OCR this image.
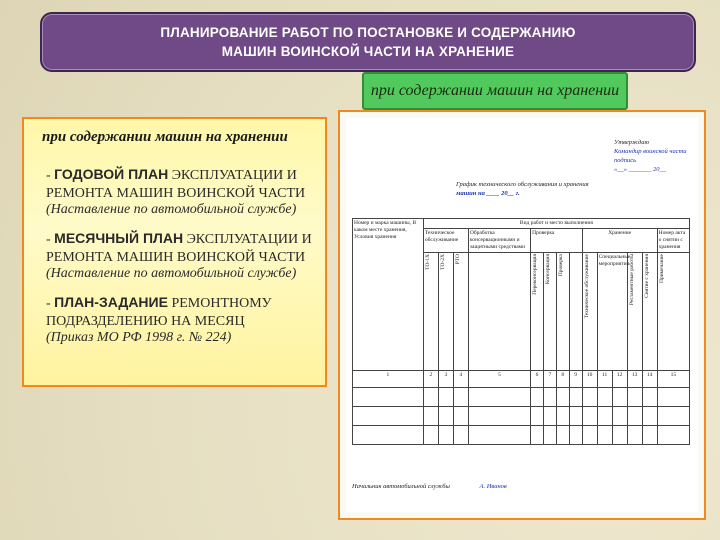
ПЛАНИРОВАНИЕ РАБОТ ПО ПОСТАНОВКЕ И СОДЕРЖАНИЮ
МАШИН ВОИНСКОЙ ЧАСТИ НА ХРАНЕНИЕ
при содержании машин на хранении
при содержании машин на хранении
- ГОДОВОЙ ПЛАН ЭКСПЛУАТАЦИИ И РЕМОНТА МАШИН ВОИНСКОЙ ЧАСТИ
(Наставление по автомобильной службе)
- МЕСЯЧНЫЙ ПЛАН ЭКСПЛУАТАЦИИ И РЕМОНТА МАШИН ВОИНСКОЙ ЧАСТИ
(Наставление по автомобильной службе)
- ПЛАН-ЗАДАНИЕ РЕМОНТНОМУ ПОДРАЗДЕЛЕНИЮ НА МЕСЯЦ
(Приказ МО РФ 1998 г. № 224)
Утверждаю
Командир воинской части
подпись
«__» _______ 20__
График технического обслуживания и хранения
машин на ____ 20__ г.
Номер и марка машины, В каком месте хранения, Условия хранения	Вид работ и место выполнения													
	Техническое обслуживание			Обработка консервационными и защитными средствами	Проверка				Хранение					Номер акта о снятии с хранения
	ТО-1Х	ТО-2Х	РТО		Переконсервация	Консервация	Проверка		Техническое обслуживание	Специальные мероприятия		Регламентные работы	Снятие с хранения	Примечание
1	2	3	4	5	6	7	8	9	10	11	12	13	14	15

Начальник автомобильной службы	А. Иванов
